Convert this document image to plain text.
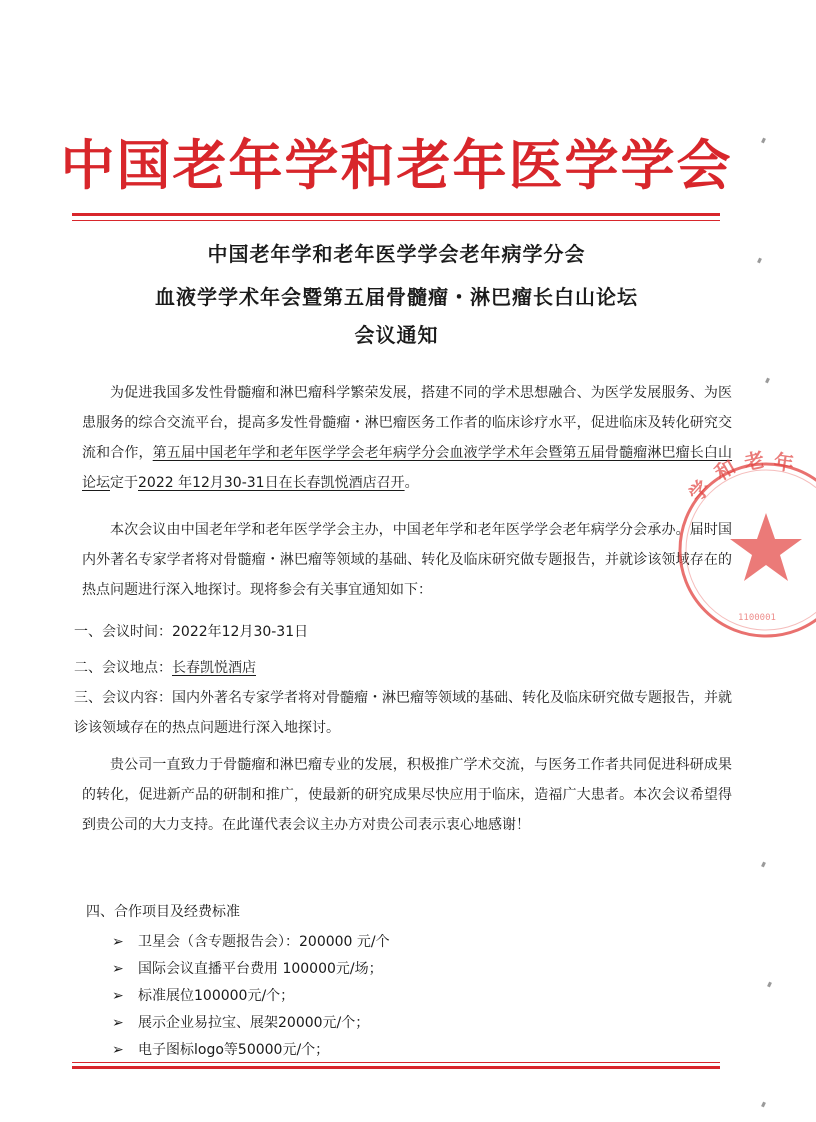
中国老年学和老年医学学会
中国老年学和老年医学学会老年病学分会
血液学学术年会暨第五届骨髓瘤・淋巴瘤长白山论坛
会议通知

为促进我国多发性骨髓瘤和淋巴瘤科学繁荣发展，搭建不同的学术思想融合、为医学发展服务、为医患服务的综合交流平台，提高多发性骨髓瘤・淋巴瘤医务工作者的临床诊疗水平，促进临床及转化研究交流和合作，第五届中国老年学和老年医学学会老年病学分会血液学学术年会暨第五届骨髓瘤淋巴瘤长白山论坛定于2022 年12月30-31日在长春凯悦酒店召开。

本次会议由中国老年学和老年医学学会主办，中国老年学和老年医学学会老年病学分会承办。届时国内外著名专家学者将对骨髓瘤・淋巴瘤等领域的基础、转化及临床研究做专题报告，并就诊该领域存在的热点问题进行深入地探讨。现将参会有关事宜通知如下：

一、会议时间：2022年12月30-31日
二、会议地点：长春凯悦酒店

三、会议内容：国内外著名专家学者将对骨髓瘤・淋巴瘤等领域的基础、转化及临床研究做专题报告，并就诊该领域存在的热点问题进行深入地探讨。

贵公司一直致力于骨髓瘤和淋巴瘤专业的发展，积极推广学术交流，与医务工作者共同促进科研成果的转化，促进新产品的研制和推广，使最新的研究成果尽快应用于临床，造福广大患者。本次会议希望得到贵公司的大力支持。在此谨代表会议主办方对贵公司表示衷心地感谢！

四、合作项目及经费标准
➢ 卫星会（含专题报告会）：200000 元/个
➢ 国际会议直播平台费用 100000元/场；
➢ 标准展位100000元/个；
➢ 展示企业易拉宝、展架20000元/个；
➢ 电子图标logo等50000元/个；
学
和 老 年
1100001
